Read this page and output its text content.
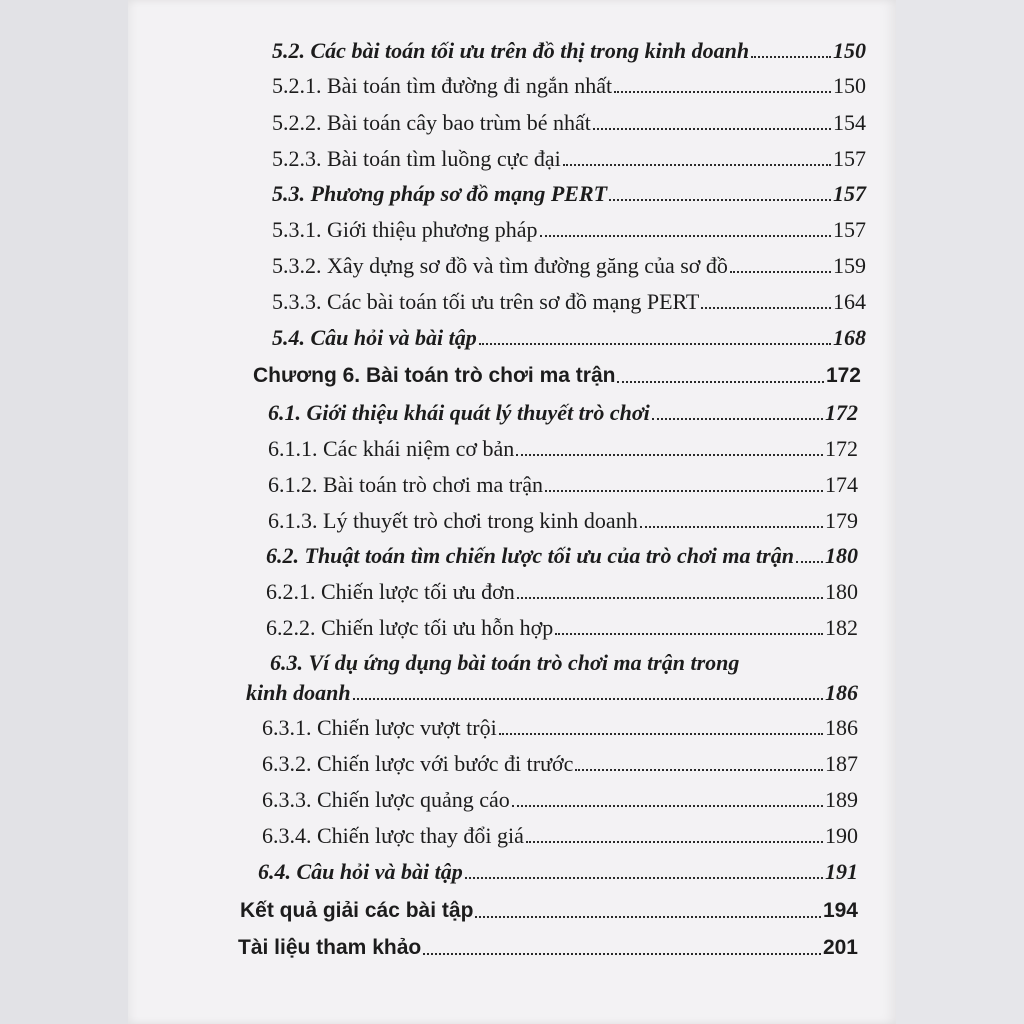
5.2. Các bài toán tối ưu trên đồ thị trong kinh doanh	150
5.2.1. Bài toán tìm đường đi ngắn nhất	150
5.2.2. Bài toán cây bao trùm bé nhất	154
5.2.3. Bài toán tìm luồng cực đại	157
5.3. Phương pháp sơ đồ mạng PERT	157
5.3.1. Giới thiệu phương pháp	157
5.3.2. Xây dựng sơ đồ và tìm đường găng của sơ đồ	159
5.3.3. Các bài toán tối ưu trên sơ đồ mạng PERT	164
5.4. Câu hỏi và bài tập	168
Chương 6. Bài toán trò chơi ma trận	172
6.1. Giới thiệu khái quát lý thuyết trò chơi	172
6.1.1. Các khái niệm cơ bản	172
6.1.2. Bài toán trò chơi ma trận	174
6.1.3. Lý thuyết trò chơi trong kinh doanh	179
6.2. Thuật toán tìm chiến lược tối ưu của trò chơi ma trận 180
6.2.1. Chiến lược tối ưu đơn	180
6.2.2. Chiến lược tối ưu hỗn hợp	182
6.3. Ví dụ ứng dụng bài toán trò chơi ma trận trong
kinh doanh	186
6.3.1. Chiến lược vượt trội	186
6.3.2. Chiến lược với bước đi trước	187
6.3.3. Chiến lược quảng cáo	189
6.3.4. Chiến lược thay đổi giá	190
6.4. Câu hỏi và bài tập	191
Kết quả giải các bài tập	194
Tài liệu tham khảo	201
